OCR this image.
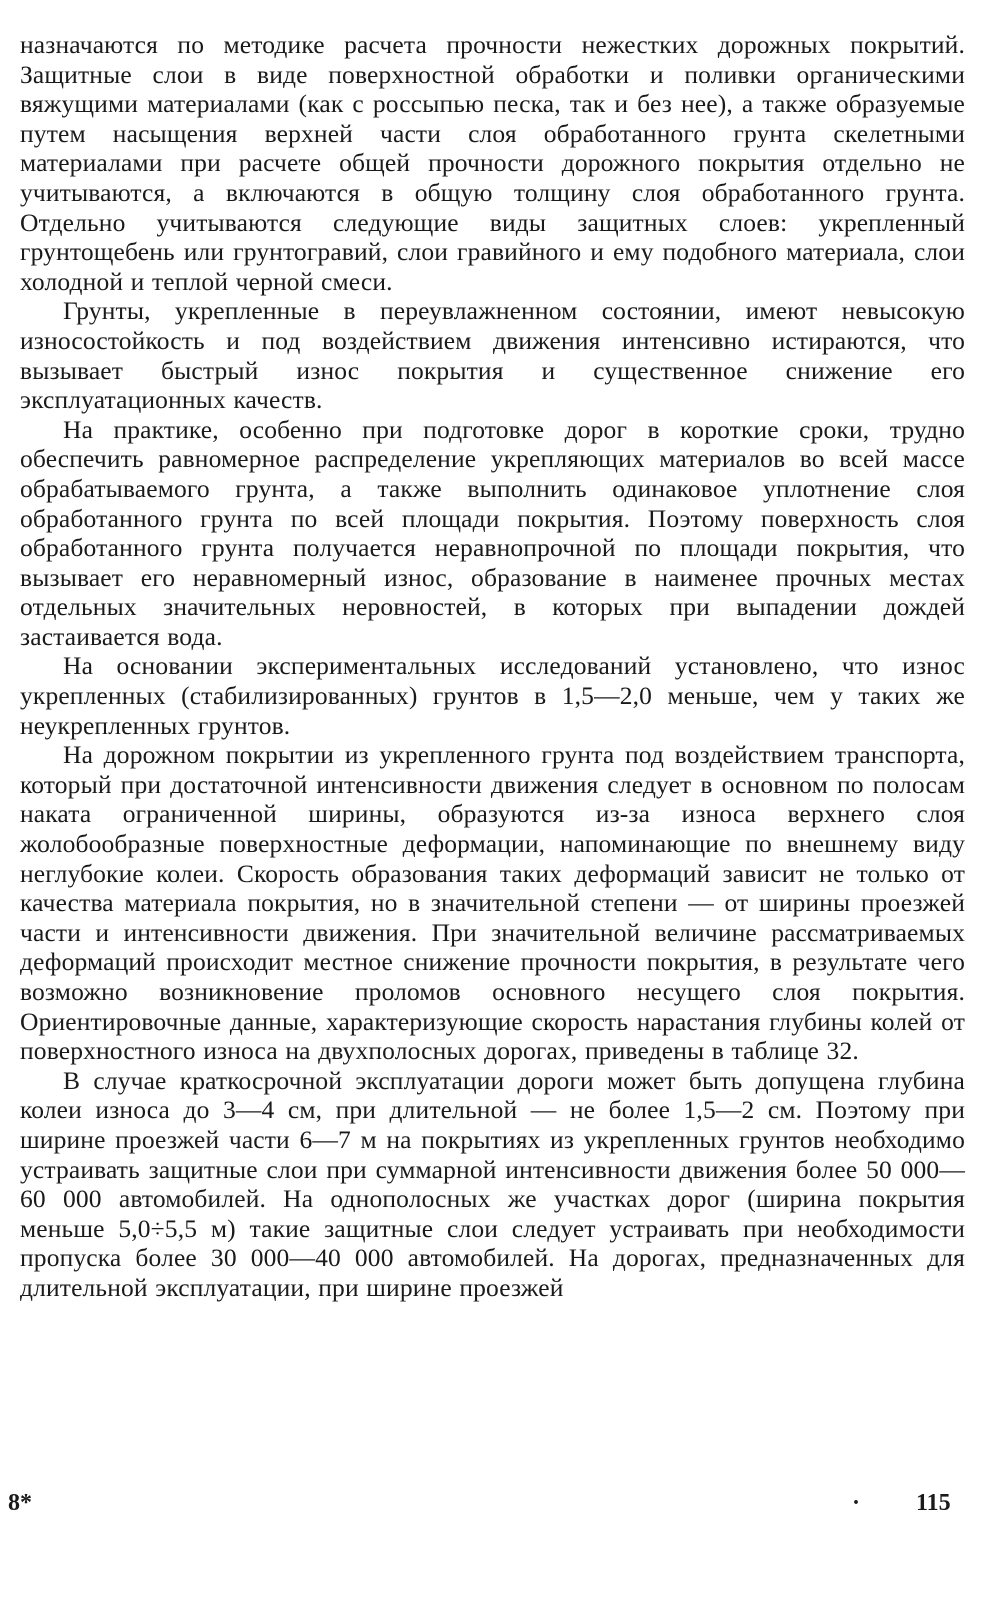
назначаются по методике расчета прочности нежестких дорожных покрытий. Защитные слои в виде поверхностной обработки и поливки органическими вяжущими материалами (как с россыпью песка, так и без нее), а также образуемые путем насыщения верхней части слоя обработанного грунта скелетными материалами при расчете общей прочности дорожного покрытия отдельно не учитываются, а включаются в общую толщину слоя обработанного грунта. Отдельно учитываются следующие виды защитных слоев: укрепленный грунтощебень или грунтогравий, слои гравийного и ему подобного материала, слои холодной и теплой черной смеси.

Грунты, укрепленные в переувлажненном состоянии, имеют невысокую износостойкость и под воздействием движения интенсивно истираются, что вызывает быстрый износ покрытия и существенное снижение его эксплуатационных качеств.

На практике, особенно при подготовке дорог в короткие сроки, трудно обеспечить равномерное распределение укрепляющих материалов во всей массе обрабатываемого грунта, а также выполнить одинаковое уплотнение слоя обработанного грунта по всей площади покрытия. Поэтому поверхность слоя обработанного грунта получается неравнопрочной по площади покрытия, что вызывает его неравномерный износ, образование в наименее прочных местах отдельных значительных неровностей, в которых при выпадении дождей застаивается вода.

На основании экспериментальных исследований установлено, что износ укрепленных (стабилизированных) грунтов в 1,5—2,0 меньше, чем у таких же неукрепленных грунтов.

На дорожном покрытии из укрепленного грунта под воздействием транспорта, который при достаточной интенсивности движения следует в основном по полосам наката ограниченной ширины, образуются из-за износа верхнего слоя жолобообразные поверхностные деформации, напоминающие по внешнему виду неглубокие колеи. Скорость образования таких деформаций зависит не только от качества материала покрытия, но в значительной степени — от ширины проезжей части и интенсивности движения. При значительной величине рассматриваемых деформаций происходит местное снижение прочности покрытия, в результате чего возможно возникновение проломов основного несущего слоя покрытия. Ориентировочные данные, характеризующие скорость нарастания глубины колей от поверхностного износа на двухполосных дорогах, приведены в таблице 32.

В случае краткосрочной эксплуатации дороги может быть допущена глубина колеи износа до 3—4 см, при длительной — не более 1,5—2 см. Поэтому при ширине проезжей части 6—7 м на покрытиях из укрепленных грунтов необходимо устраивать защитные слои при суммарной интенсивности движения более 50 000—60 000 автомобилей. На однополосных же участках дорог (ширина покрытия меньше 5,0÷5,5 м) такие защитные слои следует устраивать при необходимости пропуска более 30 000—40 000 автомобилей. На дорогах, предназначенных для длительной эксплуатации, при ширине проезжей

8*	· 115
